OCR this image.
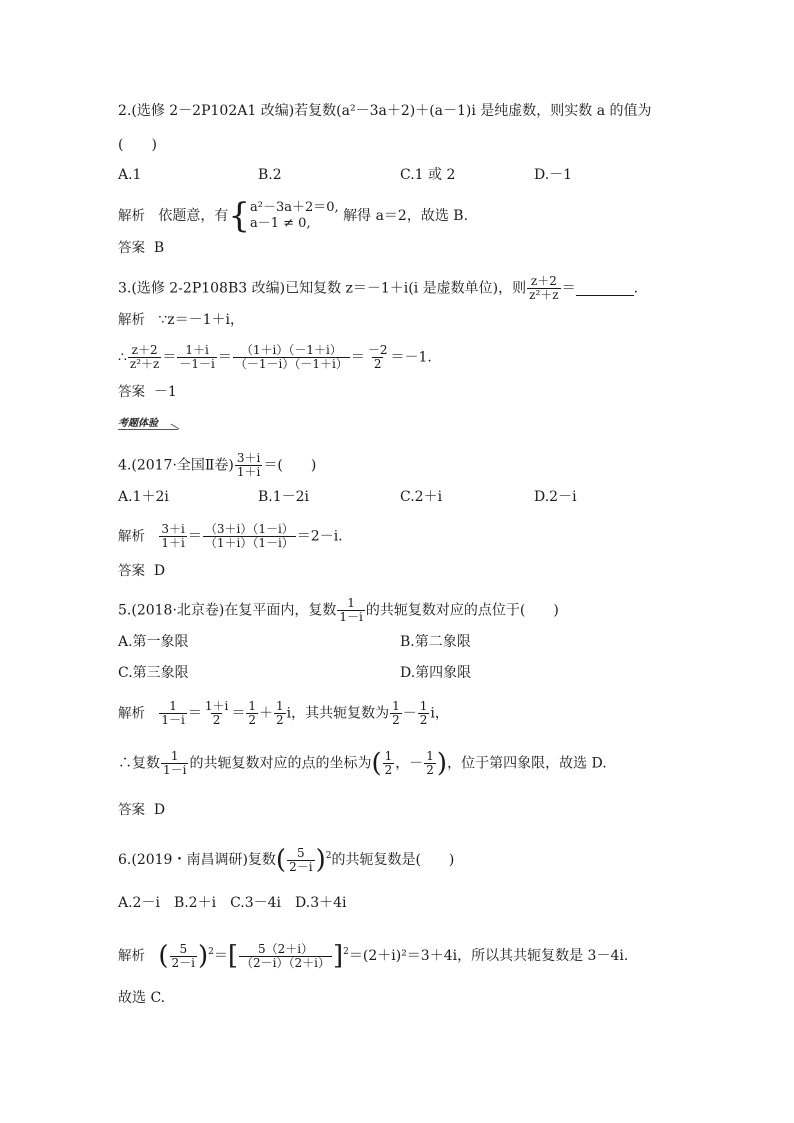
2.(选修 2－2P102A1 改编)若复数(a²－3a＋2)＋(a－1)i 是纯虚数，则实数 a 的值为
(　　)
A.1	B.2	C.1 或 2	D.－1
解析 依题意，有{ a²－3a＋2＝0,
a－1 ≠ 0,	解得 a＝2，故选 B.
答案 B
3.(选修 2-2P108B3 改编)已知复数 z＝－1＋i(i 是虚数单位)，则 $\frac{z+2}{\text{z²＋z}}$ ＝	.
解析 ∵z＝－1＋i，
∴ $\frac{z+2}{\text{z²＋z}} = \frac{1+i}{-1-i} = \frac{(1+i)(-1+i)}{(-1-i)(-1+i)} = \frac{-2}{2} =-1$.
答案 －1
考题体验
4.(2017·全国Ⅱ卷) $\frac{3+i}{1+i}$ ＝(　　)
A.1＋2i	B.1－2i	C.2＋i	D.2－i
解析 $\frac{3+i}{1+i} = \frac{(3+i)(1-i)}{(1+i)(1-i)} =2-i$.
答案 D
5.(2018·北京卷)在复平面内，复数 $\frac{1}{1-i}$ 的共轭复数对应的点位于(　　)
A.第一象限	B.第二象限
C.第三象限	D.第四象限
解析 $\frac{1}{1-i} = \frac{1+i}{2} = \frac{1}{2} + \frac{1}{2}$ i，其共轭复数为 $\frac{1}{2} - \frac{1}{2}$ i，
∴复数 $\frac{1}{1-i}$ 的共轭复数对应的点的坐标为( $\frac{1}{2}$ ，－ $\frac{1}{2}$ )，位于第四象限，故选 D.
答案 D
6.(2019・南昌调研)复数( $\frac{5}{2-i} )^2$的共轭复数是(　　)
A.2－i　B.2＋i　C.3－4i　D.3＋4i
解析 ( $\frac{5}{2-i} )^2=[ \frac{5(2+i)}{(2-i)(2+i)} ]^2=(2+i)^2=3+4i$，所以其共轭复数是 3－4i.
故选 C.
